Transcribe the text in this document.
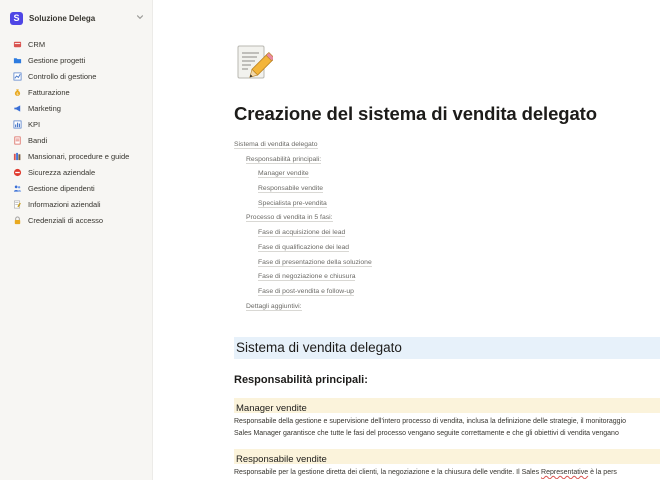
S	Soluzione Delega
CRM
Gestione progetti
Controllo di gestione
$ Fatturazione
Marketing
KPI
Bandi
Mansionari, procedure e guide
Sicurezza aziendale
Gestione dipendenti
Informazioni aziendali
Credenziali di accesso
Creazione del sistema di vendita delegato
Sistema di vendita delegato
Responsabilità principali:
Manager vendite
Responsabile vendite
Specialista pre-vendita
Processo di vendita in 5 fasi:
Fase di acquisizione dei lead
Fase di qualificazione dei lead
Fase di presentazione della soluzione
Fase di negoziazione e chiusura
Fase di post-vendita e follow-up
Dettagli aggiuntivi:
Sistema di vendita delegato
Responsabilità principali:
Manager vendite
Responsabile della gestione e supervisione dell'intero processo di vendita, inclusa la definizione delle strategie, il monitoraggio
Sales Manager garantisce che tutte le fasi del processo vengano seguite correttamente e che gli obiettivi di vendita vengano
Responsabile vendite
Responsabile per la gestione diretta dei clienti, la negoziazione e la chiusura delle vendite. Il Sales Representative è la pers
